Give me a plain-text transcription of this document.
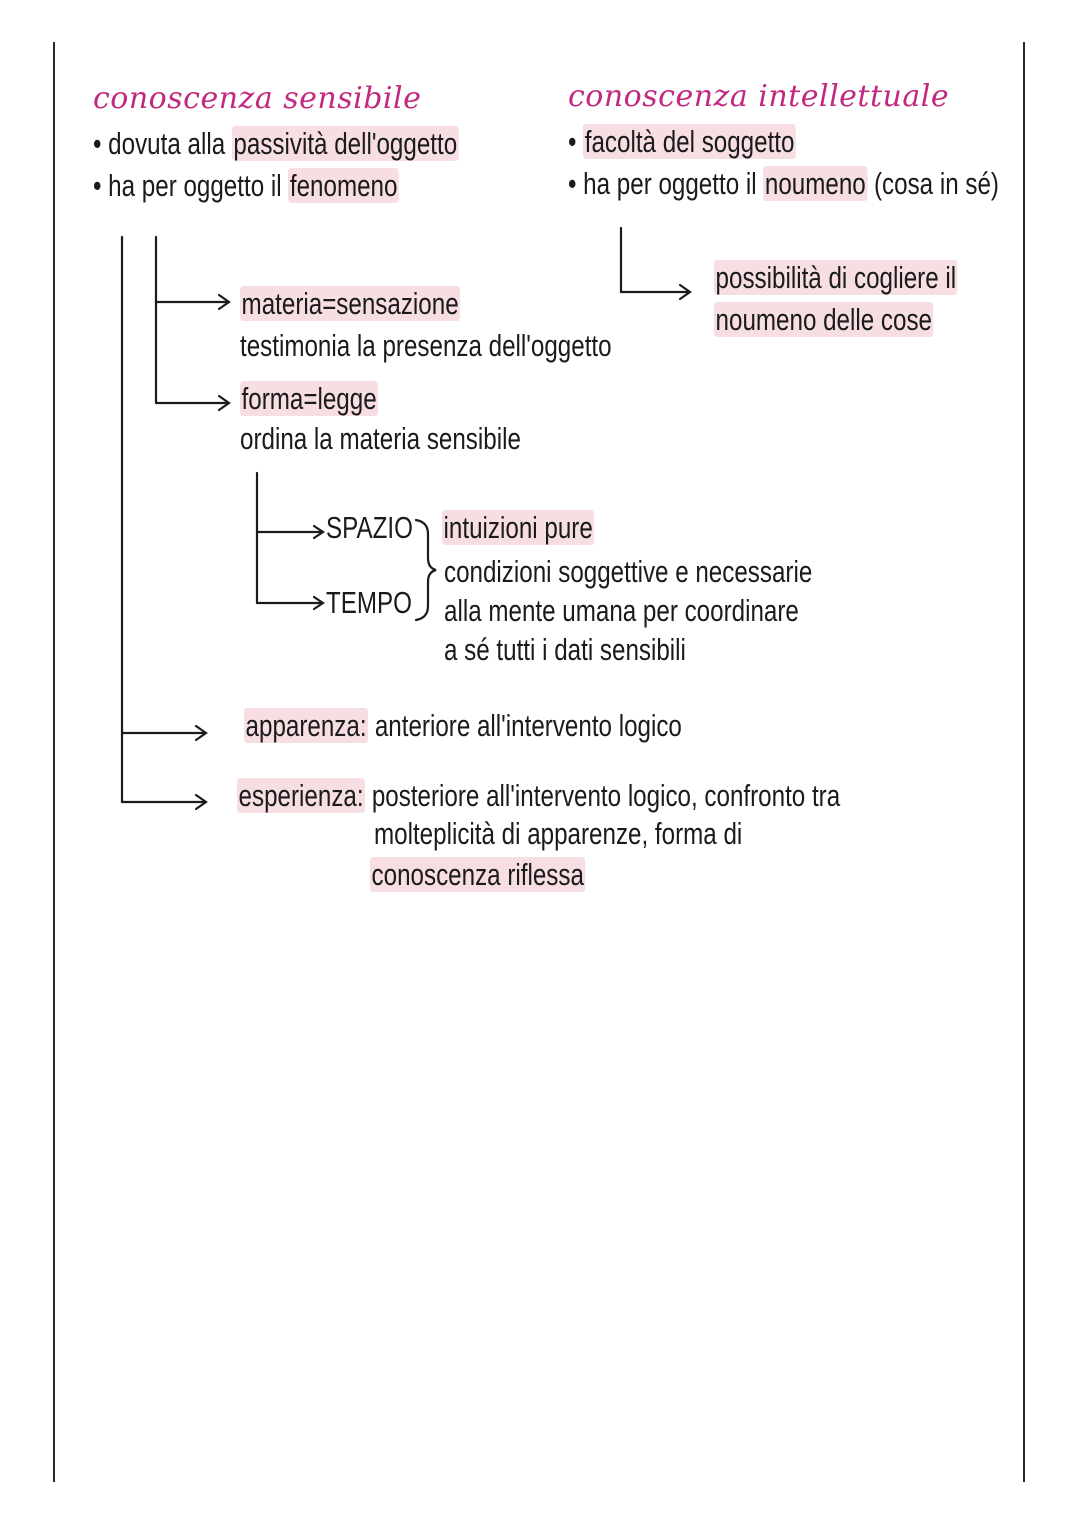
conoscenza sensibile
• dovuta alla passività dell'oggetto
• ha per oggetto il fenomeno
conoscenza intellettuale
• facoltà del soggetto
• ha per oggetto il noumeno (cosa in sé)
possibilità di cogliere il
noumeno delle cose
materia=sensazione
testimonia la presenza dell'oggetto
forma=legge
ordina la materia sensibile
SPAZIO
TEMPO
intuizioni pure
condizioni soggettive e necessarie
alla mente umana per coordinare
a sé tutti i dati sensibili
apparenza: anteriore all'intervento logico
esperienza: posteriore all'intervento logico, confronto tra
molteplicità di apparenze, forma di
conoscenza riflessa
